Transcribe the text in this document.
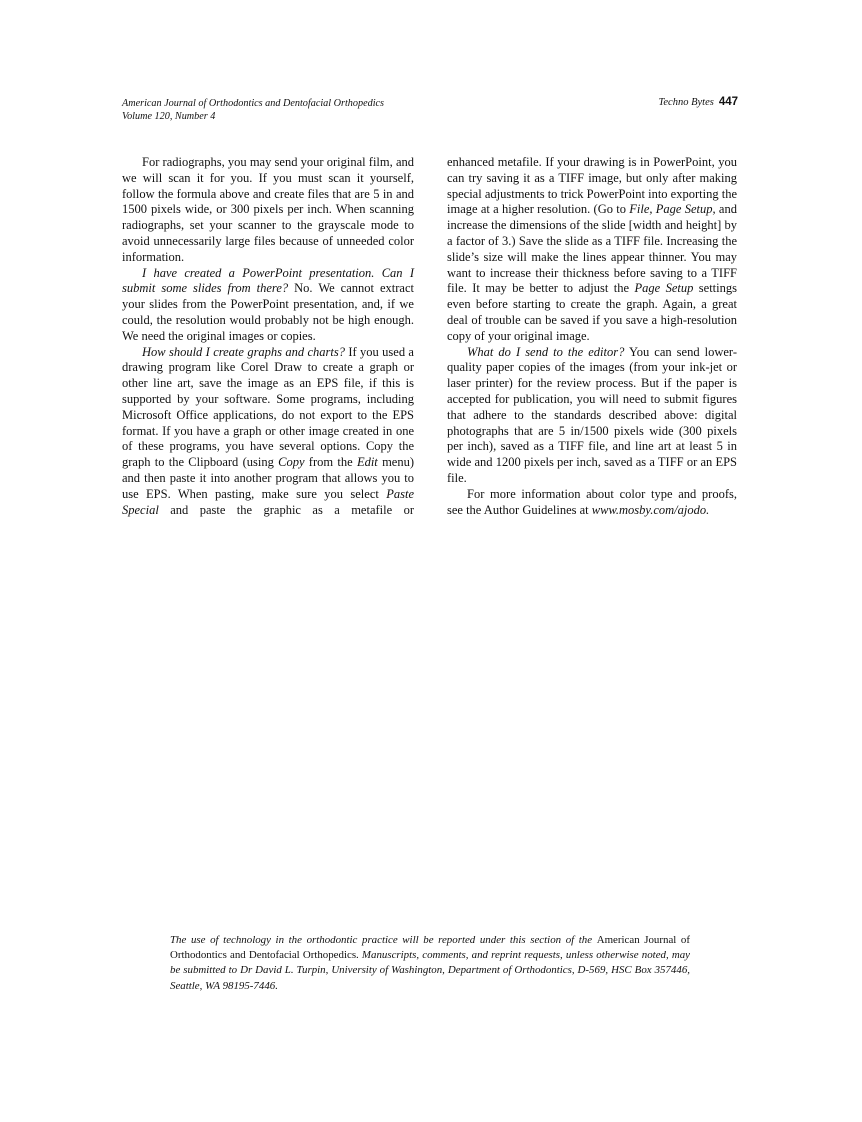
American Journal of Orthodontics and Dentofacial Orthopedics
Volume 120, Number 4
Techno Bytes 447

For radiographs, you may send your original film, and we will scan it for you. If you must scan it yourself, follow the formula above and create files that are 5 in and 1500 pixels wide, or 300 pixels per inch. When scanning radiographs, set your scanner to the grayscale mode to avoid unnecessarily large files because of unneeded color information.

I have created a PowerPoint presentation. Can I submit some slides from there? No. We cannot extract your slides from the PowerPoint presentation, and, if we could, the resolution would probably not be high enough. We need the original images or copies.

How should I create graphs and charts? If you used a drawing program like Corel Draw to create a graph or other line art, save the image as an EPS file, if this is supported by your software. Some programs, including Microsoft Office applications, do not export to the EPS format. If you have a graph or other image created in one of these programs, you have several options. Copy the graph to the Clipboard (using Copy from the Edit menu) and then paste it into another program that allows you to use EPS. When pasting, make sure you select Paste Special and paste the graphic as a metafile or

enhanced metafile. If your drawing is in PowerPoint, you can try saving it as a TIFF image, but only after making special adjustments to trick PowerPoint into exporting the image at a higher resolution. (Go to File, Page Setup, and increase the dimensions of the slide [width and height] by a factor of 3.) Save the slide as a TIFF file. Increasing the slide’s size will make the lines appear thinner. You may want to increase their thickness before saving to a TIFF file. It may be better to adjust the Page Setup settings even before starting to create the graph. Again, a great deal of trouble can be saved if you save a high-resolution copy of your original image.

What do I send to the editor? You can send lower-quality paper copies of the images (from your ink-jet or laser printer) for the review process. But if the paper is accepted for publication, you will need to submit figures that adhere to the standards described above: digital photographs that are 5 in/1500 pixels wide (300 pixels per inch), saved as a TIFF file, and line art at least 5 in wide and 1200 pixels per inch, saved as a TIFF or an EPS file.

For more information about color type and proofs, see the Author Guidelines at www.mosby.com/ajodo.

The use of technology in the orthodontic practice will be reported under this section of the American Journal of Orthodontics and Dentofacial Orthopedics. Manuscripts, comments, and reprint requests, unless otherwise noted, may be submitted to Dr David L. Turpin, University of Washington, Department of Orthodontics, D-569, HSC Box 357446, Seattle, WA 98195-7446.
